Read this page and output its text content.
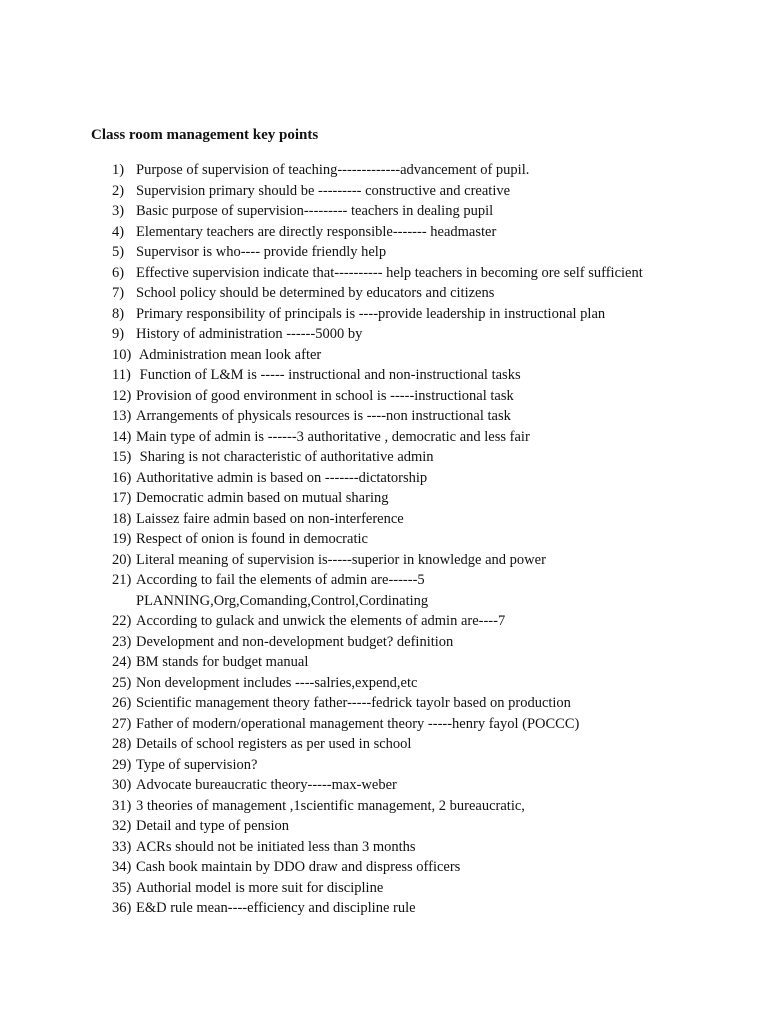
Class room management key points
1) Purpose of supervision of teaching-------------advancement of pupil.
2) Supervision primary should be --------- constructive and creative
3) Basic purpose of supervision--------- teachers in dealing pupil
4) Elementary teachers are directly responsible------- headmaster
5) Supervisor is who---- provide friendly help
6) Effective supervision indicate that---------- help teachers in becoming ore self sufficient
7) School policy should be determined by educators and citizens
8) Primary responsibility of principals is ----provide leadership in instructional plan
9) History of administration ------5000 by
10) Administration mean look after
11) Function of L&M is ----- instructional and non-instructional tasks
12) Provision of good environment in school is -----instructional task
13) Arrangements of physicals resources is ----non instructional task
14) Main type of admin is ------3 authoritative , democratic and less fair
15) Sharing is not characteristic of authoritative admin
16) Authoritative admin is based on -------dictatorship
17) Democratic admin based on mutual sharing
18) Laissez faire admin based on non-interference
19) Respect of onion is found in democratic
20) Literal meaning of supervision is-----superior in knowledge and power
21) According to fail the elements of admin are------5
PLANNING,Org,Comanding,Control,Cordinating
22) According to gulack and unwick the elements of admin are----7
23) Development and non-development budget? definition
24) BM stands for budget manual
25) Non development includes ----salries,expend,etc
26) Scientific management theory father-----fedrick tayolr based on production
27) Father of modern/operational management theory -----henry fayol (POCCC)
28) Details of school registers as per used in school
29) Type of supervision?
30) Advocate bureaucratic theory-----max-weber
31) 3 theories of management ,1scientific management, 2 bureaucratic,
32) Detail and type of pension
33) ACRs should not be initiated less than 3 months
34) Cash book maintain by DDO draw and dispress officers
35) Authorial model is more suit for discipline
36) E&D rule mean----efficiency and discipline rule
